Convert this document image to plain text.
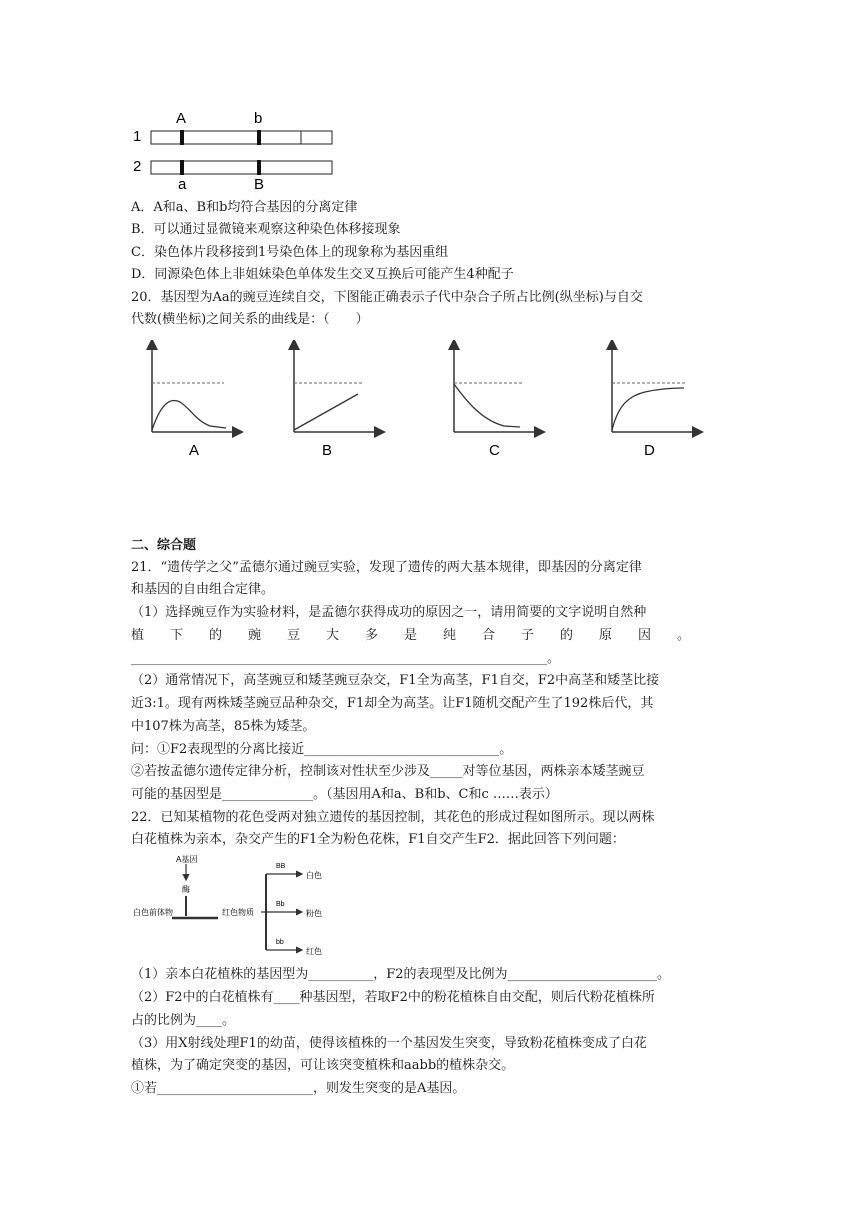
1
2
A	b
a	B
A．A和a、B和b均符合基因的分离定律
B．可以通过显微镜来观察这种染色体移接现象
C．染色体片段移接到1号染色体上的现象称为基因重组
D．同源染色体上非姐妹染色单体发生交叉互换后可能产生4种配子
20．基因型为Aa的豌豆连续自交，下图能正确表示子代中杂合子所占比例(纵坐标)与自交
代数(横坐标)之间关系的曲线是：（　　）
A	B	C	D
二、综合题
21．“遗传学之父”孟德尔通过豌豆实验，发现了遗传的两大基本规律，即基因的分离定律
和基因的自由组合定律。
（1）选择豌豆作为实验材料，是孟德尔获得成功的原因之一，请用简要的文字说明自然种
植　　下　　的　　豌　　豆　　大　　多　　是　　纯　　合　　子　　的　　原　　因　　。
________________________________________________________________。
（2）通常情况下，高茎豌豆和矮茎豌豆杂交，F1全为高茎，F1自交，F2中高茎和矮茎比接
近3:1。现有两株矮茎豌豆品种杂交，F1却全为高茎。让F1随机交配产生了192株后代，其
中107株为高茎，85株为矮茎。
问：①F2表现型的分离比接近______________________________。
②若按孟德尔遗传定律分析，控制该对性状至少涉及_____对等位基因，两株亲本矮茎豌豆
可能的基因型是______________。（基因用A和a、B和b、C和c ……表示）
22．已知某植物的花色受两对独立遗传的基因控制，其花色的形成过程如图所示。现以两株
白花植株为亲本，杂交产生的F1全为粉色花株，F1自交产生F2．据此回答下列问题：
A基因
酶
白色前体物	红色物质
BB
Bb
bb
白色
粉色
红色
（1）亲本白花植株的基因型为__________，F2的表现型及比例为_______________________。
（2）F2中的白花植株有____种基因型，若取F2中的粉花植株自由交配，则后代粉花植株所
占的比例为____。
（3）用X射线处理F1的幼苗，使得该植株的一个基因发生突变，导致粉花植株变成了白花
植株，为了确定突变的基因，可让该突变植株和aabb的植株杂交。
①若________________________，则发生突变的是A基因。
